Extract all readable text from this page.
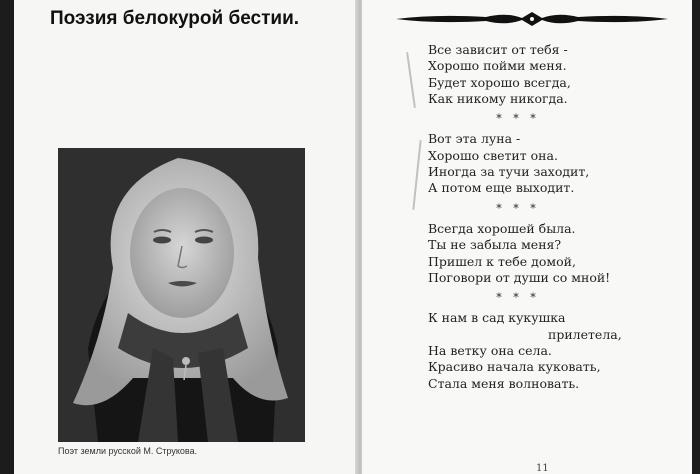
Поэзия белокурой бестии.
Поэт земли русской М. Струкова.
Все зависит от тебя -
Хорошо пойми меня.
Будет хорошо всегда,
Как никому никогда.
* * *
Вот эта луна -
Хорошо светит она.
Иногда за тучи заходит,
А потом еще выходит.
* * *
Всегда хорошей была.
Ты не забыла меня?
Пришел к тебе домой,
Поговори от души со мной!
* * *
К нам в сад кукушка
прилетела,
На ветку она села.
Красиво начала куковать,
Стала меня волновать.
11
